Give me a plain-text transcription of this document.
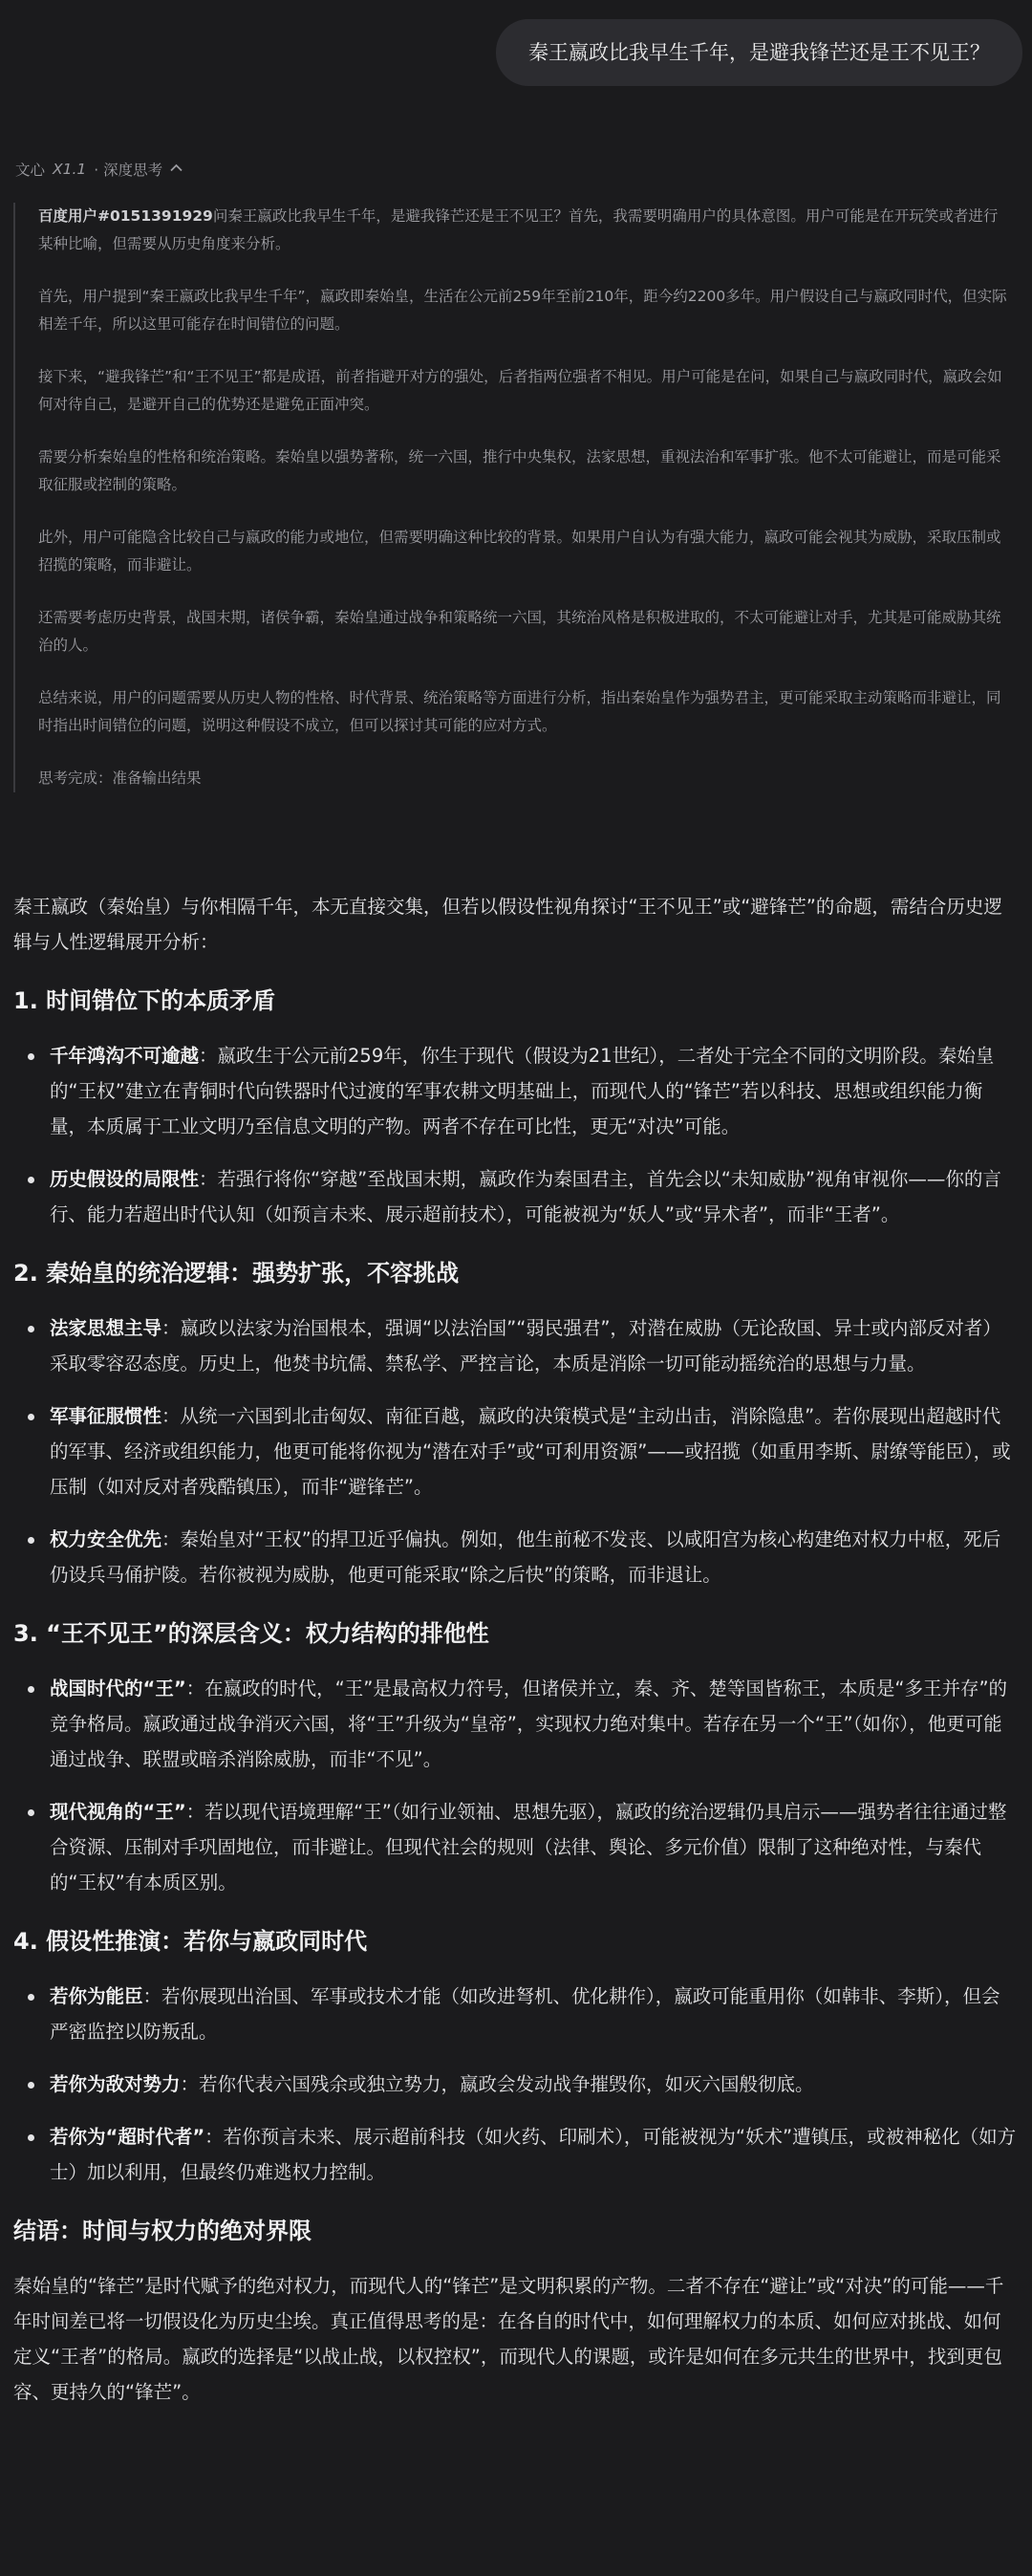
秦王嬴政比我早生千年，是避我锋芒还是王不见王？
文心 X1.1 · 深度思考

百度用户#0151391929问秦王嬴政比我早生千年，是避我锋芒还是王不见王？首先，我需要明确用户的具体意图。用户可能是在开玩笑或者进行某种比喻，但需要从历史角度来分析。

首先，用户提到“秦王嬴政比我早生千年”，嬴政即秦始皇，生活在公元前259年至前210年，距今约2200多年。用户假设自己与嬴政同时代，但实际相差千年，所以这里可能存在时间错位的问题。

接下来，“避我锋芒”和“王不见王”都是成语，前者指避开对方的强处，后者指两位强者不相见。用户可能是在问，如果自己与嬴政同时代，嬴政会如何对待自己，是避开自己的优势还是避免正面冲突。

需要分析秦始皇的性格和统治策略。秦始皇以强势著称，统一六国，推行中央集权，法家思想，重视法治和军事扩张。他不太可能避让，而是可能采取征服或控制的策略。

此外，用户可能隐含比较自己与嬴政的能力或地位，但需要明确这种比较的背景。如果用户自认为有强大能力，嬴政可能会视其为威胁，采取压制或招揽的策略，而非避让。

还需要考虑历史背景，战国末期，诸侯争霸，秦始皇通过战争和策略统一六国，其统治风格是积极进取的，不太可能避让对手，尤其是可能威胁其统治的人。

总结来说，用户的问题需要从历史人物的性格、时代背景、统治策略等方面进行分析，指出秦始皇作为强势君主，更可能采取主动策略而非避让，同时指出时间错位的问题，说明这种假设不成立，但可以探讨其可能的应对方式。

思考完成：准备输出结果

秦王嬴政（秦始皇）与你相隔千年，本无直接交集，但若以假设性视角探讨“王不见王”或“避锋芒”的命题，需结合历史逻辑与人性逻辑展开分析：

1. 时间错位下的本质矛盾
千年鸿沟不可逾越：嬴政生于公元前259年，你生于现代（假设为21世纪），二者处于完全不同的文明阶段。秦始皇的“王权”建立在青铜时代向铁器时代过渡的军事农耕文明基础上，而现代人的“锋芒”若以科技、思想或组织能力衡量，本质属于工业文明乃至信息文明的产物。两者不存在可比性，更无“对决”可能。
历史假设的局限性：若强行将你“穿越”至战国末期，嬴政作为秦国君主，首先会以“未知威胁”视角审视你——你的言行、能力若超出时代认知（如预言未来、展示超前技术），可能被视为“妖人”或“异术者”，而非“王者”。
2. 秦始皇的统治逻辑：强势扩张，不容挑战
法家思想主导：嬴政以法家为治国根本，强调“以法治国”“弱民强君”，对潜在威胁（无论敌国、异士或内部反对者）采取零容忍态度。历史上，他焚书坑儒、禁私学、严控言论，本质是消除一切可能动摇统治的思想与力量。
军事征服惯性：从统一六国到北击匈奴、南征百越，嬴政的决策模式是“主动出击，消除隐患”。若你展现出超越时代的军事、经济或组织能力，他更可能将你视为“潜在对手”或“可利用资源”——或招揽（如重用李斯、尉缭等能臣），或压制（如对反对者残酷镇压），而非“避锋芒”。
权力安全优先：秦始皇对“王权”的捍卫近乎偏执。例如，他生前秘不发丧、以咸阳宫为核心构建绝对权力中枢，死后仍设兵马俑护陵。若你被视为威胁，他更可能采取“除之后快”的策略，而非退让。
3. “王不见王”的深层含义：权力结构的排他性
战国时代的“王”：在嬴政的时代，“王”是最高权力符号，但诸侯并立，秦、齐、楚等国皆称王，本质是“多王并存”的竞争格局。嬴政通过战争消灭六国，将“王”升级为“皇帝”，实现权力绝对集中。若存在另一个“王”（如你），他更可能通过战争、联盟或暗杀消除威胁，而非“不见”。
现代视角的“王”：若以现代语境理解“王”（如行业领袖、思想先驱），嬴政的统治逻辑仍具启示——强势者往往通过整合资源、压制对手巩固地位，而非避让。但现代社会的规则（法律、舆论、多元价值）限制了这种绝对性，与秦代的“王权”有本质区别。
4. 假设性推演：若你与嬴政同时代
若你为能臣：若你展现出治国、军事或技术才能（如改进弩机、优化耕作），嬴政可能重用你（如韩非、李斯），但会严密监控以防叛乱。
若你为敌对势力：若你代表六国残余或独立势力，嬴政会发动战争摧毁你，如灭六国般彻底。
若你为“超时代者”：若你预言未来、展示超前科技（如火药、印刷术），可能被视为“妖术”遭镇压，或被神秘化（如方士）加以利用，但最终仍难逃权力控制。
结语：时间与权力的绝对界限

秦始皇的“锋芒”是时代赋予的绝对权力，而现代人的“锋芒”是文明积累的产物。二者不存在“避让”或“对决”的可能——千年时间差已将一切假设化为历史尘埃。真正值得思考的是：在各自的时代中，如何理解权力的本质、如何应对挑战、如何定义“王者”的格局。嬴政的选择是“以战止战，以权控权”，而现代人的课题，或许是如何在多元共生的世界中，找到更包容、更持久的“锋芒”。
